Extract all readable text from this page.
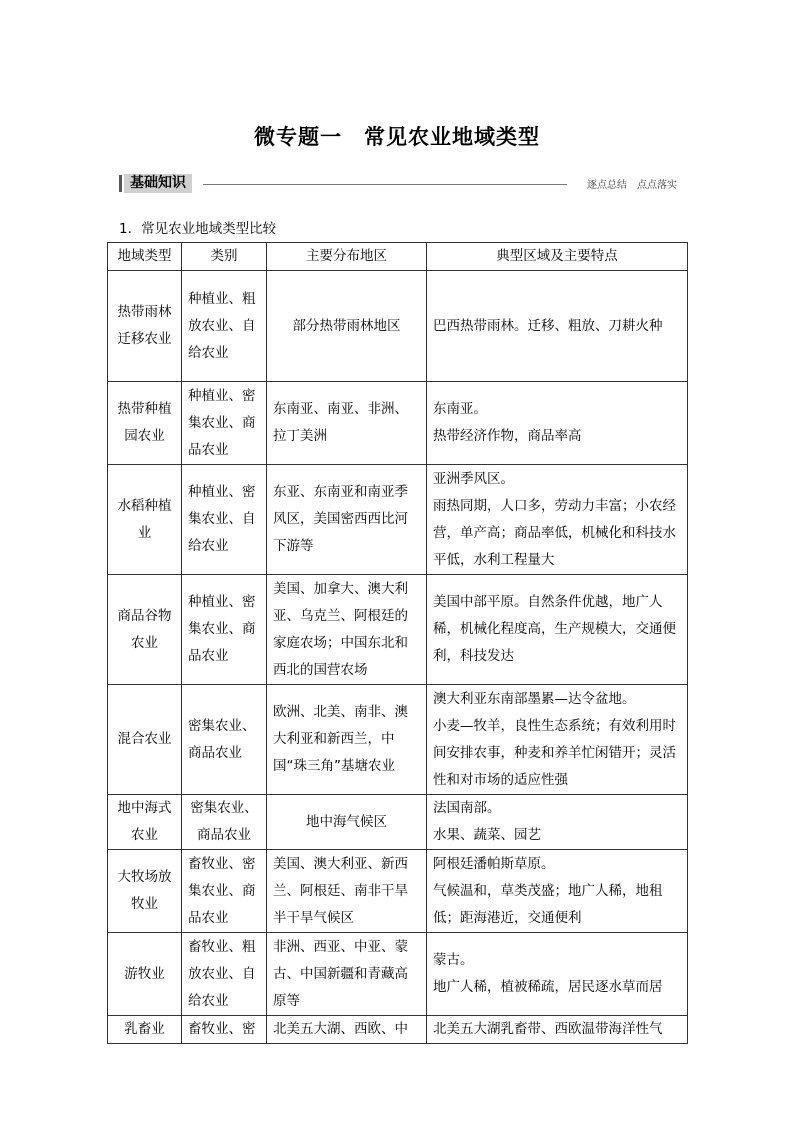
微专题一 常见农业地域类型
基础知识	逐点总结　点点落实
1．常见农业地域类型比较
地域类型	类别	主要分布地区	典型区域及主要特点
热带雨林迁移农业	种植业、粗放农业、自给农业	部分热带雨林地区	巴西热带雨林。迁移、粗放、刀耕火种

热带种植园农业	种植业、密集农业、商品农业	东南亚、南亚、非洲、拉丁美洲	东南亚。
热带经济作物，商品率高

水稻种植业	种植业、密集农业、自给农业	东亚、东南亚和南亚季风区，美国密西西比河下游等	亚洲季风区。
雨热同期，人口多，劳动力丰富；小农经营，单产高；商品率低，机械化和科技水平低，水利工程量大

商品谷物农业	种植业、密集农业、商品农业	美国、加拿大、澳大利亚、乌克兰、阿根廷的家庭农场；中国东北和西北的国营农场	美国中部平原。自然条件优越，地广人稀，机械化程度高，生产规模大，交通便利，科技发达

混合农业	密集农业、商品农业	欧洲、北美、南非、澳大利亚和新西兰，中国“珠三角”基塘农业	澳大利亚东南部墨累—达令盆地。
小麦—牧羊，良性生态系统；有效利用时间安排农事，种麦和养羊忙闲错开；灵活性和对市场的适应性强

地中海式农业	密集农业、商品农业	地中海气候区	法国南部。
水果、蔬菜、园艺

大牧场放牧业	畜牧业、密集农业、商品农业	美国、澳大利亚、新西兰、阿根廷、南非干旱半干旱气候区	阿根廷潘帕斯草原。
气候温和，草类茂盛；地广人稀，地租低；距海港近，交通便利

游牧业	畜牧业、粗放农业、自给农业	非洲、西亚、中亚、蒙古、中国新疆和青藏高原等	蒙古。
地广人稀，植被稀疏，居民逐水草而居

乳畜业	畜牧业、密	北美五大湖、西欧、中	北美五大湖乳畜带、西欧温带海洋性气
